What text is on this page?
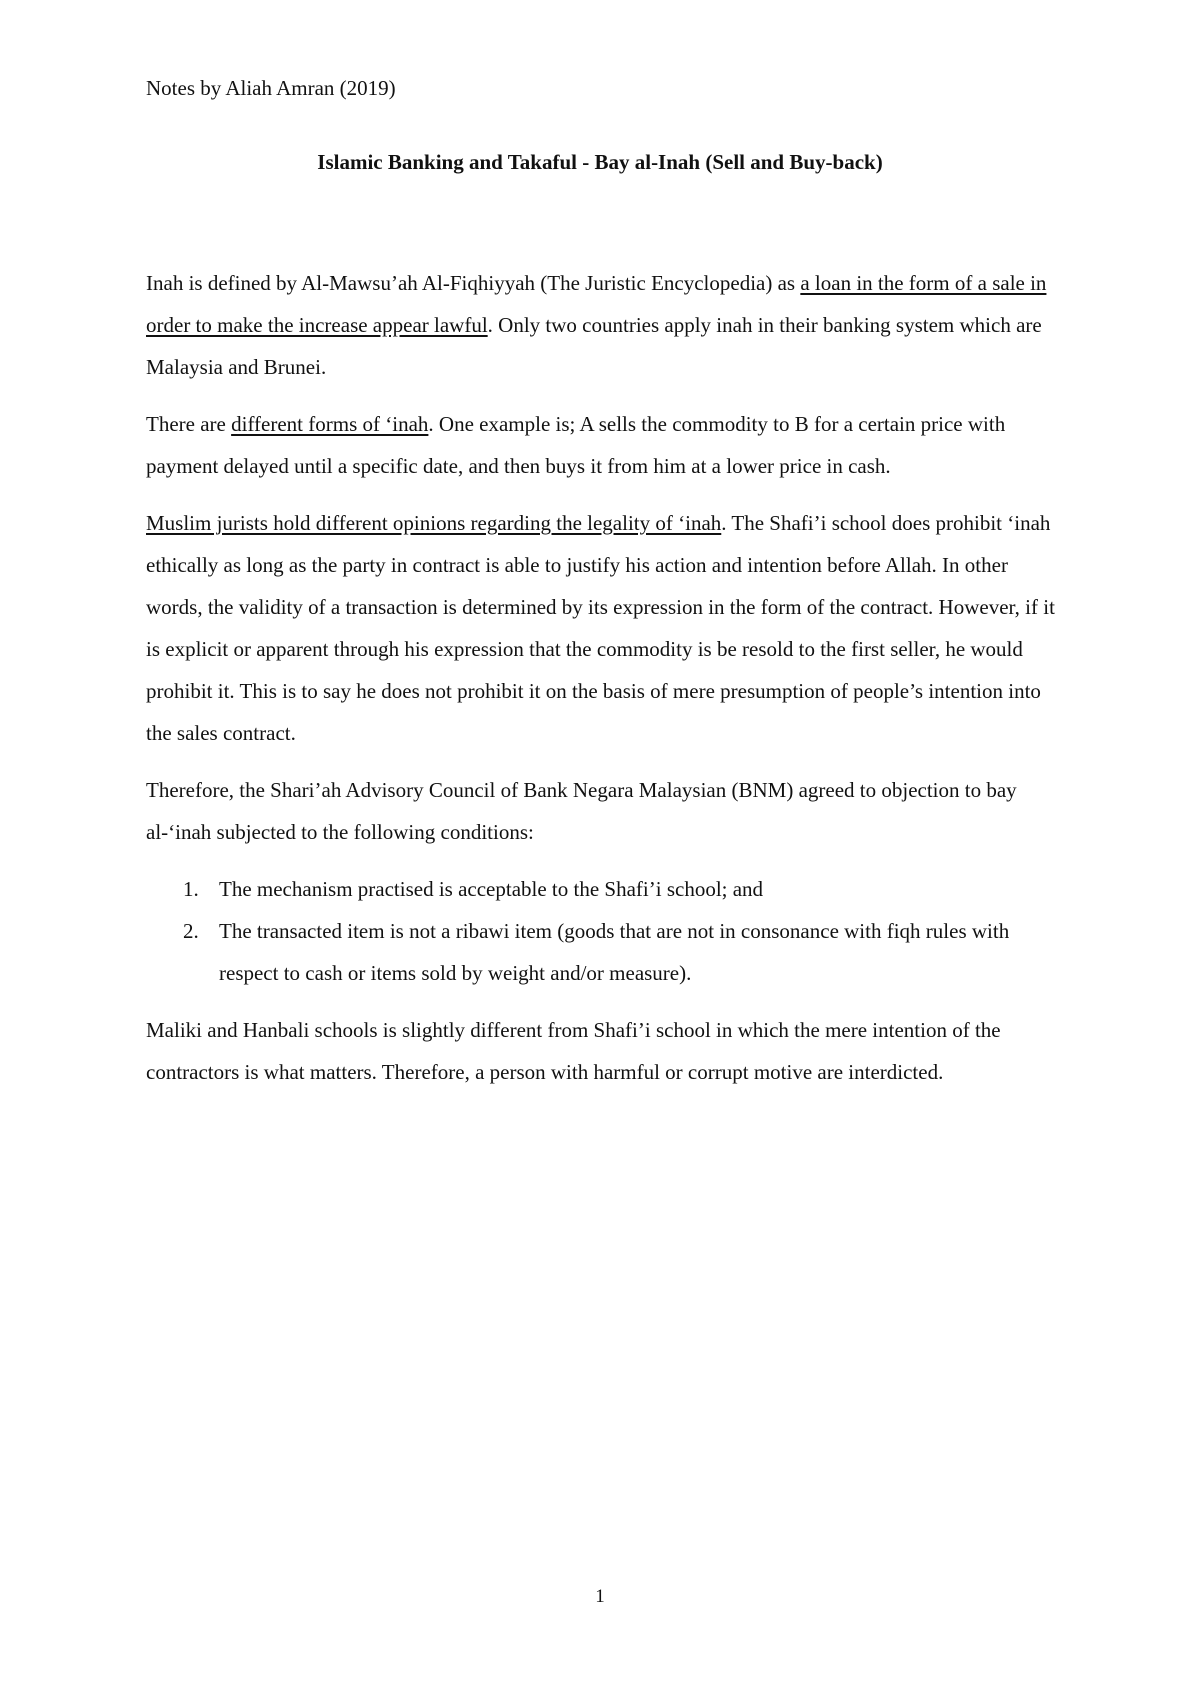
Notes by Aliah Amran (2019)

Islamic Banking and Takaful - Bay al-Inah (Sell and Buy-back)

Inah is defined by Al-Mawsu’ah Al-Fiqhiyyah (The Juristic Encyclopedia) as a loan in the form of a sale in order to make the increase appear lawful. Only two countries apply inah in their banking system which are Malaysia and Brunei.

There are different forms of ‘inah. One example is; A sells the commodity to B for a certain price with payment delayed until a specific date, and then buys it from him at a lower price in cash.

Muslim jurists hold different opinions regarding the legality of ‘inah. The Shafi’i school does prohibit ‘inah ethically as long as the party in contract is able to justify his action and intention before Allah. In other words, the validity of a transaction is determined by its expression in the form of the contract. However, if it is explicit or apparent through his expression that the commodity is be resold to the first seller, he would prohibit it. This is to say he does not prohibit it on the basis of mere presumption of people’s intention into the sales contract.

Therefore, the Shari’ah Advisory Council of Bank Negara Malaysian (BNM) agreed to objection to bay al-‘inah subjected to the following conditions:

1. The mechanism practised is acceptable to the Shafi’i school; and
2. The transacted item is not a ribawi item (goods that are not in consonance with fiqh rules with respect to cash or items sold by weight and/or measure).

Maliki and Hanbali schools is slightly different from Shafi’i school in which the mere intention of the contractors is what matters. Therefore, a person with harmful or corrupt motive are interdicted.

1
